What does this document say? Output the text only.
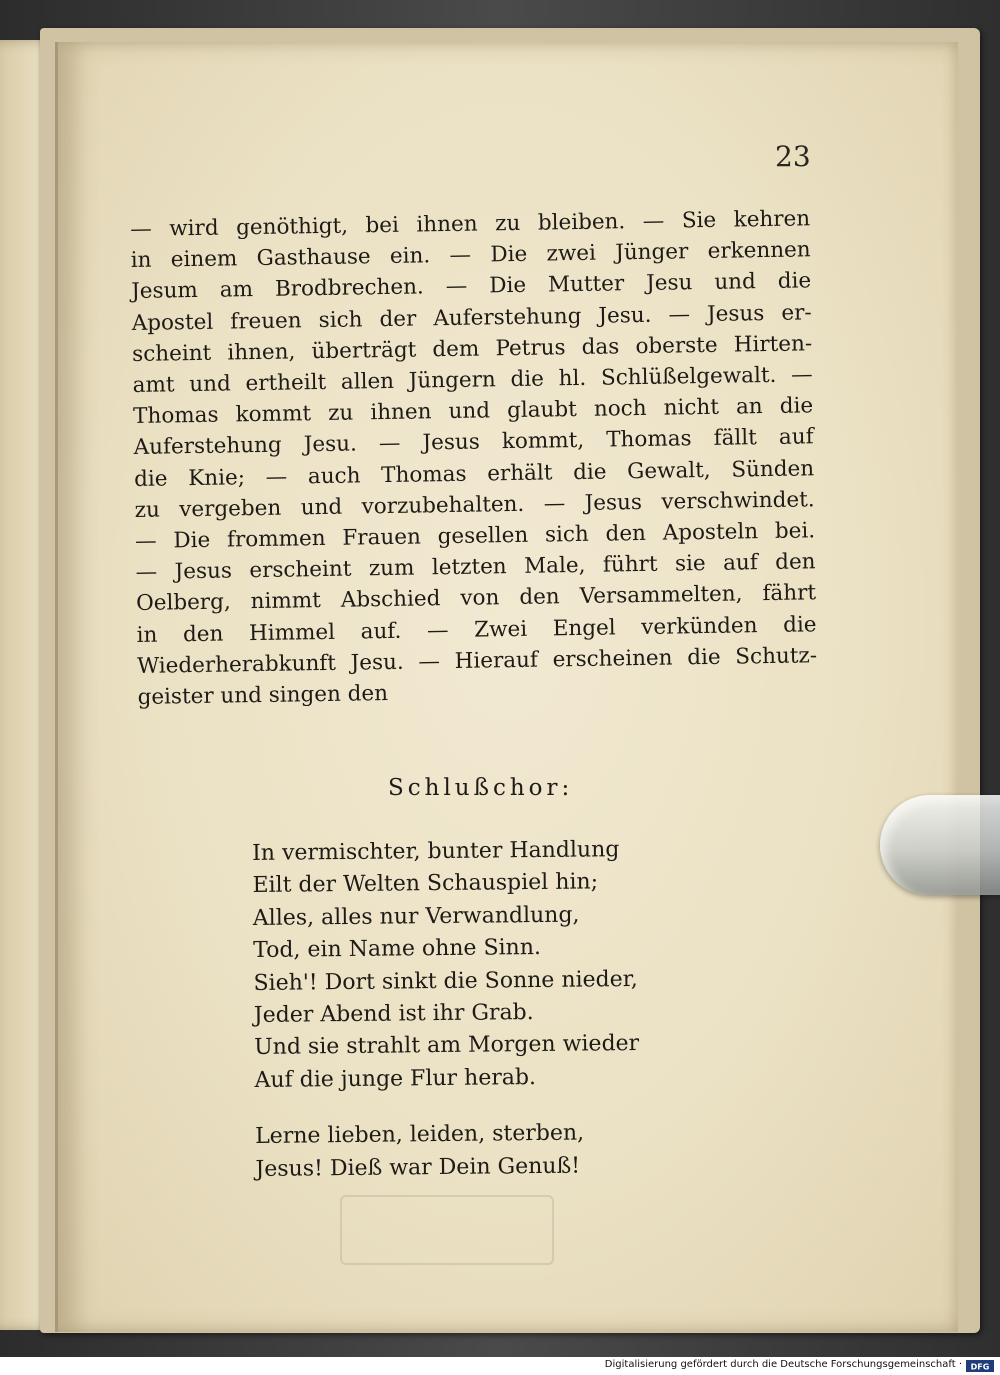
23
— wird genöthigt, bei ihnen zu bleiben. — Sie kehren
in einem Gasthause ein. — Die zwei Jünger erkennen
Jesum am Brodbrechen. — Die Mutter Jesu und die
Apostel freuen sich der Auferstehung Jesu. — Jesus er-
scheint ihnen, überträgt dem Petrus das oberste Hirten-
amt und ertheilt allen Jüngern die hl. Schlüßelgewalt. —
Thomas kommt zu ihnen und glaubt noch nicht an die
Auferstehung Jesu. — Jesus kommt, Thomas fällt auf
die Knie; — auch Thomas erhält die Gewalt, Sünden
zu vergeben und vorzubehalten. — Jesus verschwindet.
— Die frommen Frauen gesellen sich den Aposteln bei.
— Jesus erscheint zum letzten Male, führt sie auf den
Oelberg, nimmt Abschied von den Versammelten, fährt
in den Himmel auf. — Zwei Engel verkünden die
Wiederherabkunft Jesu. — Hierauf erscheinen die Schutz-
geister und singen den
Schlußchor:
In vermischter, bunter Handlung
Eilt der Welten Schauspiel hin;
Alles, alles nur Verwandlung,
Tod, ein Name ohne Sinn.
Sieh'! Dort sinkt die Sonne nieder,
Jeder Abend ist ihr Grab.
Und sie strahlt am Morgen wieder
Auf die junge Flur herab.
Lerne lieben, leiden, sterben,
Jesus! Dieß war Dein Genuß!
Digitalisierung gefördert durch die Deutsche Forschungsgemeinschaft · DFG
